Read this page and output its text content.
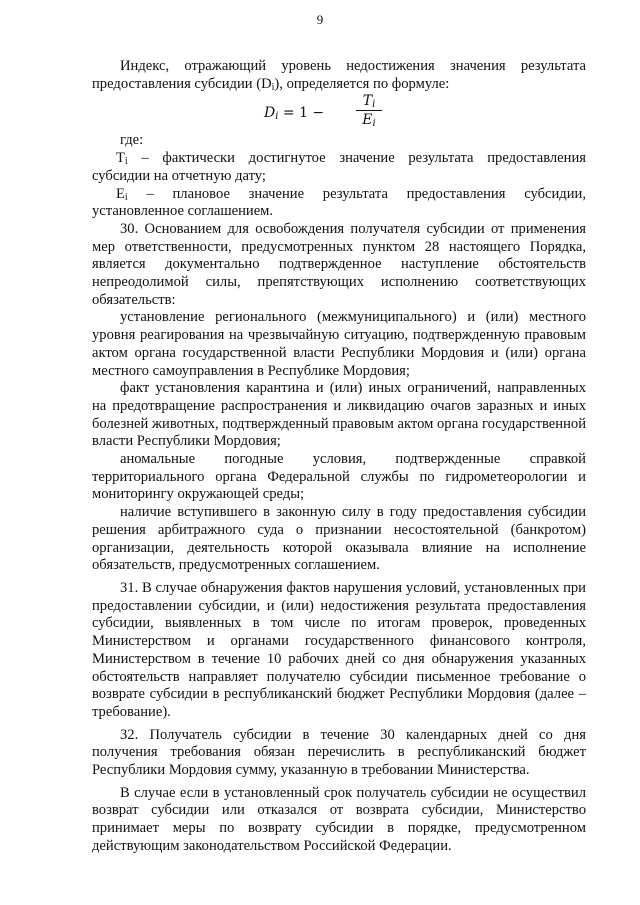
9

Индекс, отражающий уровень недостижения значения результата предоставления субсидии $(D_i)$, определяется по формуле:

$D_i = 1 - \frac{T_i}{E_i}$

где:

$T_i$ – фактически достигнутое значение результата предоставления субсидии на отчетную дату;

$E_i$ – плановое значение результата предоставления субсидии, установленное соглашением.

30. Основанием для освобождения получателя субсидии от применения мер ответственности, предусмотренных пунктом 28 настоящего Порядка, является документально подтвержденное наступление обстоятельств непреодолимой силы, препятствующих исполнению соответствующих обязательств:

установление регионального (межмуниципального) и (или) местного уровня реагирования на чрезвычайную ситуацию, подтвержденную правовым актом органа государственной власти Республики Мордовия и (или) органа местного самоуправления в Республике Мордовия;

факт установления карантина и (или) иных ограничений, направленных на предотвращение распространения и ликвидацию очагов заразных и иных болезней животных, подтвержденный правовым актом органа государственной власти Республики Мордовия;

аномальные погодные условия, подтвержденные справкой территориального органа Федеральной службы по гидрометеорологии и мониторингу окружающей среды;

наличие вступившего в законную силу в году предоставления субсидии решения арбитражного суда о признании несостоятельной (банкротом) организации, деятельность которой оказывала влияние на исполнение обязательств, предусмотренных соглашением.

31. В случае обнаружения фактов нарушения условий, установленных при предоставлении субсидии, и (или) недостижения результата предоставления субсидии, выявленных в том числе по итогам проверок, проведенных Министерством и органами государственного финансового контроля, Министерством в течение 10 рабочих дней со дня обнаружения указанных обстоятельств направляет получателю субсидии письменное требование о возврате субсидии в республиканский бюджет Республики Мордовия (далее – требование).

32. Получатель субсидии в течение 30 календарных дней со дня получения требования обязан перечислить в республиканский бюджет Республики Мордовия сумму, указанную в требовании Министерства.

В случае если в установленный срок получатель субсидии не осуществил возврат субсидии или отказался от возврата субсидии, Министерство принимает меры по возврату субсидии в порядке, предусмотренном действующим законодательством Российской Федерации.
